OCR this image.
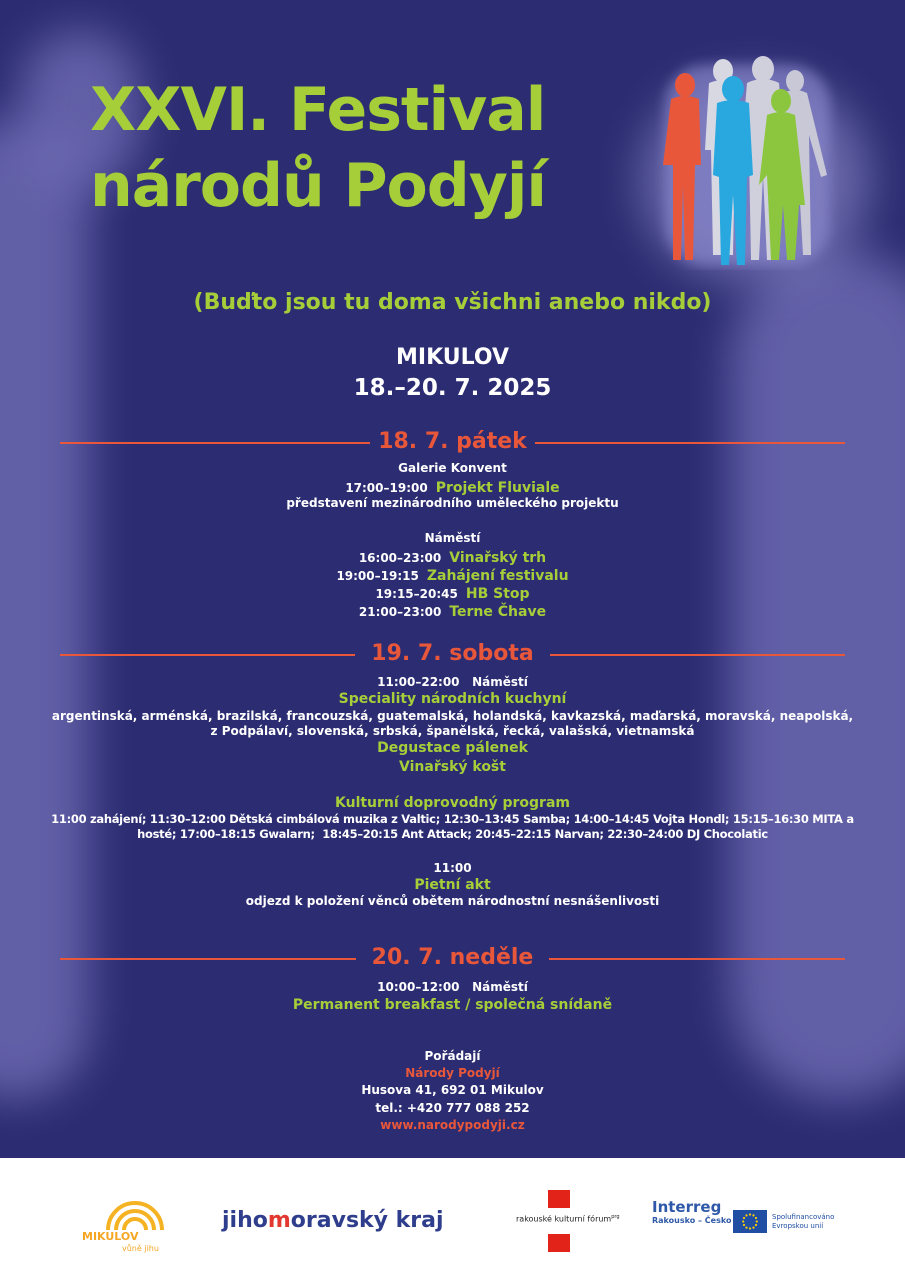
XXVI. Festival
národů Podyjí
(Buďto jsou tu doma všichni anebo nikdo)
MIKULOV
18.–20. 7. 2025
18. 7. pátek
Galerie Konvent
17:00–19:00 Projekt Fluviale
představení mezinárodního uměleckého projektu
Náměstí
16:00–23:00 Vinařský trh
19:00–19:15 Zahájení festivalu
19:15–20:45 HB Stop
21:00–23:00 Terne Čhave
19. 7. sobota
11:00–22:00   Náměstí
Speciality národních kuchyní
argentinská, arménská, brazilská, francouzská, guatemalská, holandská, kavkazská, maďarská, moravská, neapolská,
z Podpálaví, slovenská, srbská, španělská, řecká, valašská, vietnamská
Degustace pálenek
Vinařský košt
Kulturní doprovodný program
11:00 zahájení; 11:30–12:00 Dětská cimbálová muzika z Valtic; 12:30–13:45 Samba; 14:00–14:45 Vojta Hondl; 15:15–16:30 MITA a
hosté; 17:00–18:15 Gwalarn;  18:45–20:15 Ant Attack; 20:45–22:15 Narvan; 22:30–24:00 DJ Chocolatic
11:00
Pietní akt
odjezd k položení věnců obětem národnostní nesnášenlivosti
20. 7. neděle
10:00–12:00   Náměstí
Permanent breakfast / společná snídaně
Pořádají
Národy Podyjí
Husova 41, 692 01 Mikulov
tel.: +420 777 088 252
www.narodypodyji.cz
MIKULOV
vůně jihu
jihomoravský kraj	rakouské kulturní fórum$^{prg}$
Interreg
Rakousko – Česko	Spolufinancováno
Evropskou unií
